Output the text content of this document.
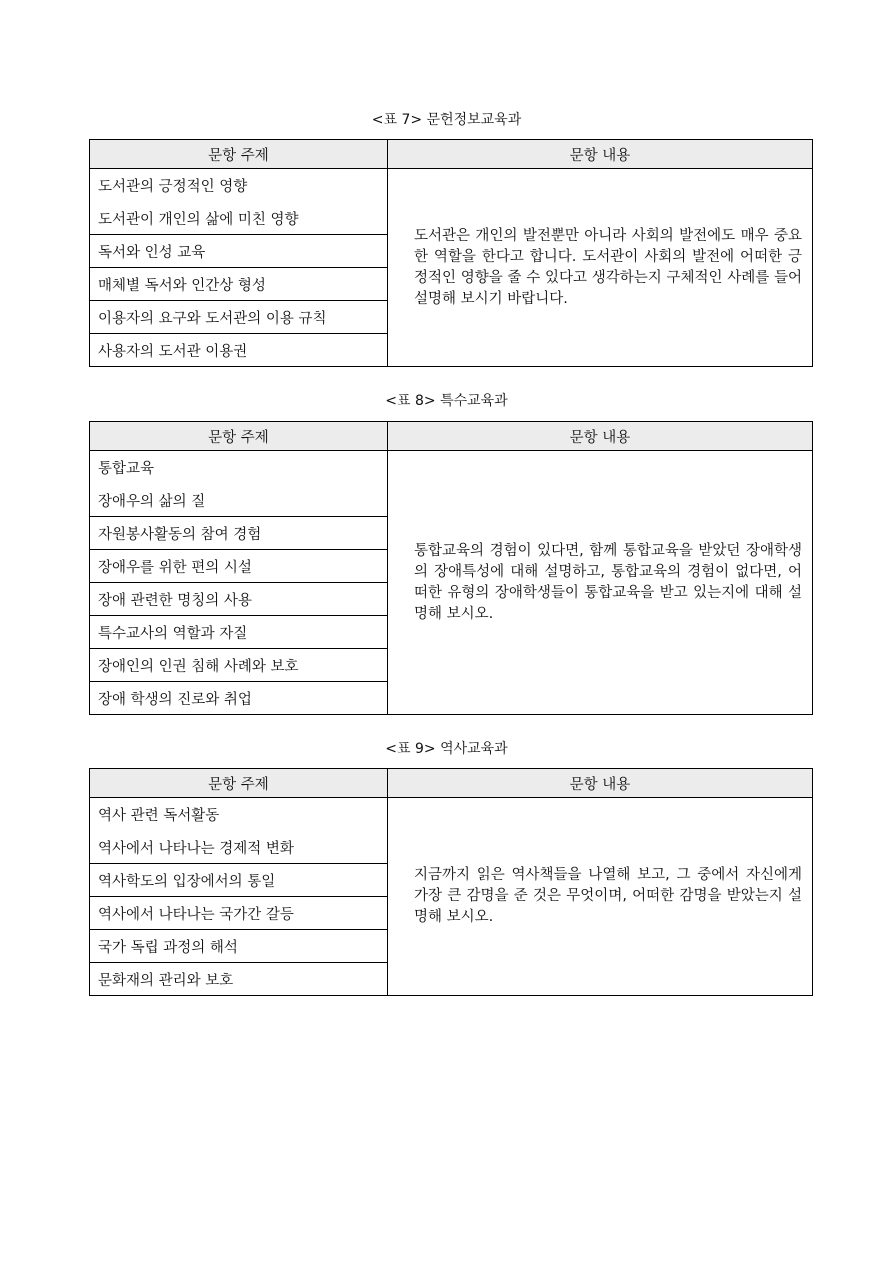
<표 7> 문헌정보교육과
문항 주제	문항 내용
도서관의 긍정적인 영향	도서관은 개인의 발전뿐만 아니라 사회의 발전에도 매우 중요한 역할을 한다고 합니다. 도서관이 사회의 발전에 어떠한 긍정적인 영향을 줄 수 있다고 생각하는지 구체적인 사례를 들어 설명해 보시기 바랍니다.
도서관이 개인의 삶에 미친 영향	
독서와 인성 교육	
매체별 독서와 인간상 형성	
이용자의 요구와 도서관의 이용 규칙	
사용자의 도서관 이용권	
<표 8> 특수교육과
문항 주제	문항 내용
통합교육	통합교육의 경험이 있다면, 함께 통합교육을 받았던 장애학생의 장애특성에 대해 설명하고, 통합교육의 경험이 없다면, 어떠한 유형의 장애학생들이 통합교육을 받고 있는지에 대해 설명해 보시오.
장애우의 삶의 질	
자원봉사활동의 참여 경험	
장애우를 위한 편의 시설	
장애 관련한 명칭의 사용	
특수교사의 역할과 자질	
장애인의 인권 침해 사례와 보호	
장애 학생의 진로와 취업	
<표 9> 역사교육과
문항 주제	문항 내용
역사 관련 독서활동	지금까지 읽은 역사책들을 나열해 보고, 그 중에서 자신에게 가장 큰 감명을 준 것은 무엇이며, 어떠한 감명을 받았는지 설명해 보시오.
역사에서 나타나는 경제적 변화	
역사학도의 입장에서의 통일	
역사에서 나타나는 국가간 갈등	
국가 독립 과정의 해석	
문화재의 관리와 보호	
